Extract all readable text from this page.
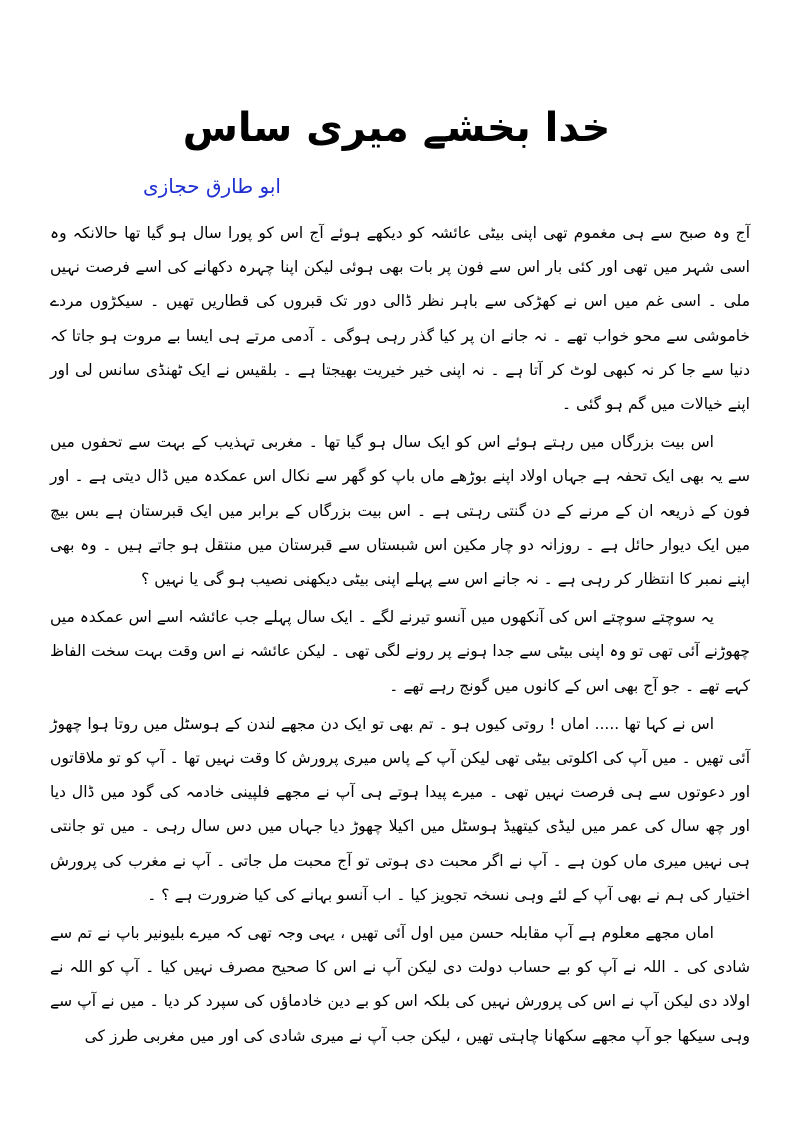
خدا بخشے میری ساس
ابو طارق حجازی

آج وہ صبح سے ہی مغموم تھی اپنی بیٹی عائشہ کو دیکھے ہوئے آج اس کو پورا سال ہو گیا تھا حالانکہ وہ اسی شہر میں تھی اور کئی بار اس سے فون پر بات بھی ہوئی لیکن اپنا چہرہ دکھانے کی اسے فرصت نہیں ملی ۔ اسی غم میں اس نے کھڑکی سے باہر نظر ڈالی دور تک قبروں کی قطاریں تھیں ۔ سیکڑوں مردے خاموشی سے محو خواب تھے ۔ نہ جانے ان پر کیا گذر رہی ہوگی ۔ آدمی مرتے ہی ایسا بے مروت ہو جاتا کہ دنیا سے جا کر نہ کبھی لوٹ کر آتا ہے ۔ نہ اپنی خیر خیریت بھیجتا ہے ۔ بلقیس نے ایک ٹھنڈی سانس لی اور اپنے خیالات میں گم ہو گئی ۔

اس بیت بزرگاں میں رہتے ہوئے اس کو ایک سال ہو گیا تھا ۔ مغربی تہذیب کے بہت سے تحفوں میں سے یہ بھی ایک تحفہ ہے جہاں اولاد اپنے بوڑھے ماں باپ کو گھر سے نکال اس عمکدہ میں ڈال دیتی ہے ۔ اور فون کے ذریعہ ان کے مرنے کے دن گنتی رہتی ہے ۔ اس بیت بزرگاں کے برابر میں ایک قبرستان ہے بس بیچ میں ایک دیوار حائل ہے ۔ روزانہ دو چار مکین اس شبستاں سے قبرستان میں منتقل ہو جاتے ہیں ۔ وہ بھی اپنے نمبر کا انتظار کر رہی ہے ۔ نہ جانے اس سے پہلے اپنی بیٹی دیکھنی نصیب ہو گی یا نہیں ؟

یہ سوچتے سوچتے اس کی آنکھوں میں آنسو تیرنے لگے ۔ ایک سال پہلے جب عائشہ اسے اس عمکدہ میں چھوڑنے آئی تھی تو وہ اپنی بیٹی سے جدا ہونے پر رونے لگی تھی ۔ لیکن عائشہ نے اس وقت بہت سخت الفاظ کہے تھے ۔ جو آج بھی اس کے کانوں میں گونج رہے تھے ۔

اس نے کہا تھا ..... اماں ! روتی کیوں ہو ۔ تم بھی تو ایک دن مجھے لندن کے ہوسٹل میں روتا ہوا چھوڑ آئی تھیں ۔ میں آپ کی اکلوتی بیٹی تھی لیکن آپ کے پاس میری پرورش کا وقت نہیں تھا ۔ آپ کو تو ملاقاتوں اور دعوتوں سے ہی فرصت نہیں تھی ۔ میرے پیدا ہوتے ہی آپ نے مجھے فلپینی خادمہ کی گود میں ڈال دیا اور چھ سال کی عمر میں لیڈی کیتھیڈ ہوسٹل میں اکیلا چھوڑ دیا جہاں میں دس سال رہی ۔ میں تو جانتی ہی نہیں میری ماں کون ہے ۔ آپ نے اگر محبت دی ہوتی تو آج محبت مل جاتی ۔ آپ نے مغرب کی پرورش اختیار کی ہم نے بھی آپ کے لئے وہی نسخہ تجویز کیا ۔ اب آنسو بہانے کی کیا ضرورت ہے ؟ ۔

اماں مجھے معلوم ہے آپ مقابلہ حسن میں اول آئی تھیں ، یہی وجہ تھی کہ میرے بلیونیر باپ نے تم سے شادی کی ۔ اللہ نے آپ کو بے حساب دولت دی لیکن آپ نے اس کا صحیح مصرف نہیں کیا ۔ آپ کو اللہ نے اولاد دی لیکن آپ نے اس کی پرورش نہیں کی بلکہ اس کو بے دین خادماؤں کی سپرد کر دیا ۔ میں نے آپ سے وہی سیکھا جو آپ مجھے سکھانا چاہتی تھیں ، لیکن جب آپ نے میری شادی کی اور میں مغربی طرز کی
